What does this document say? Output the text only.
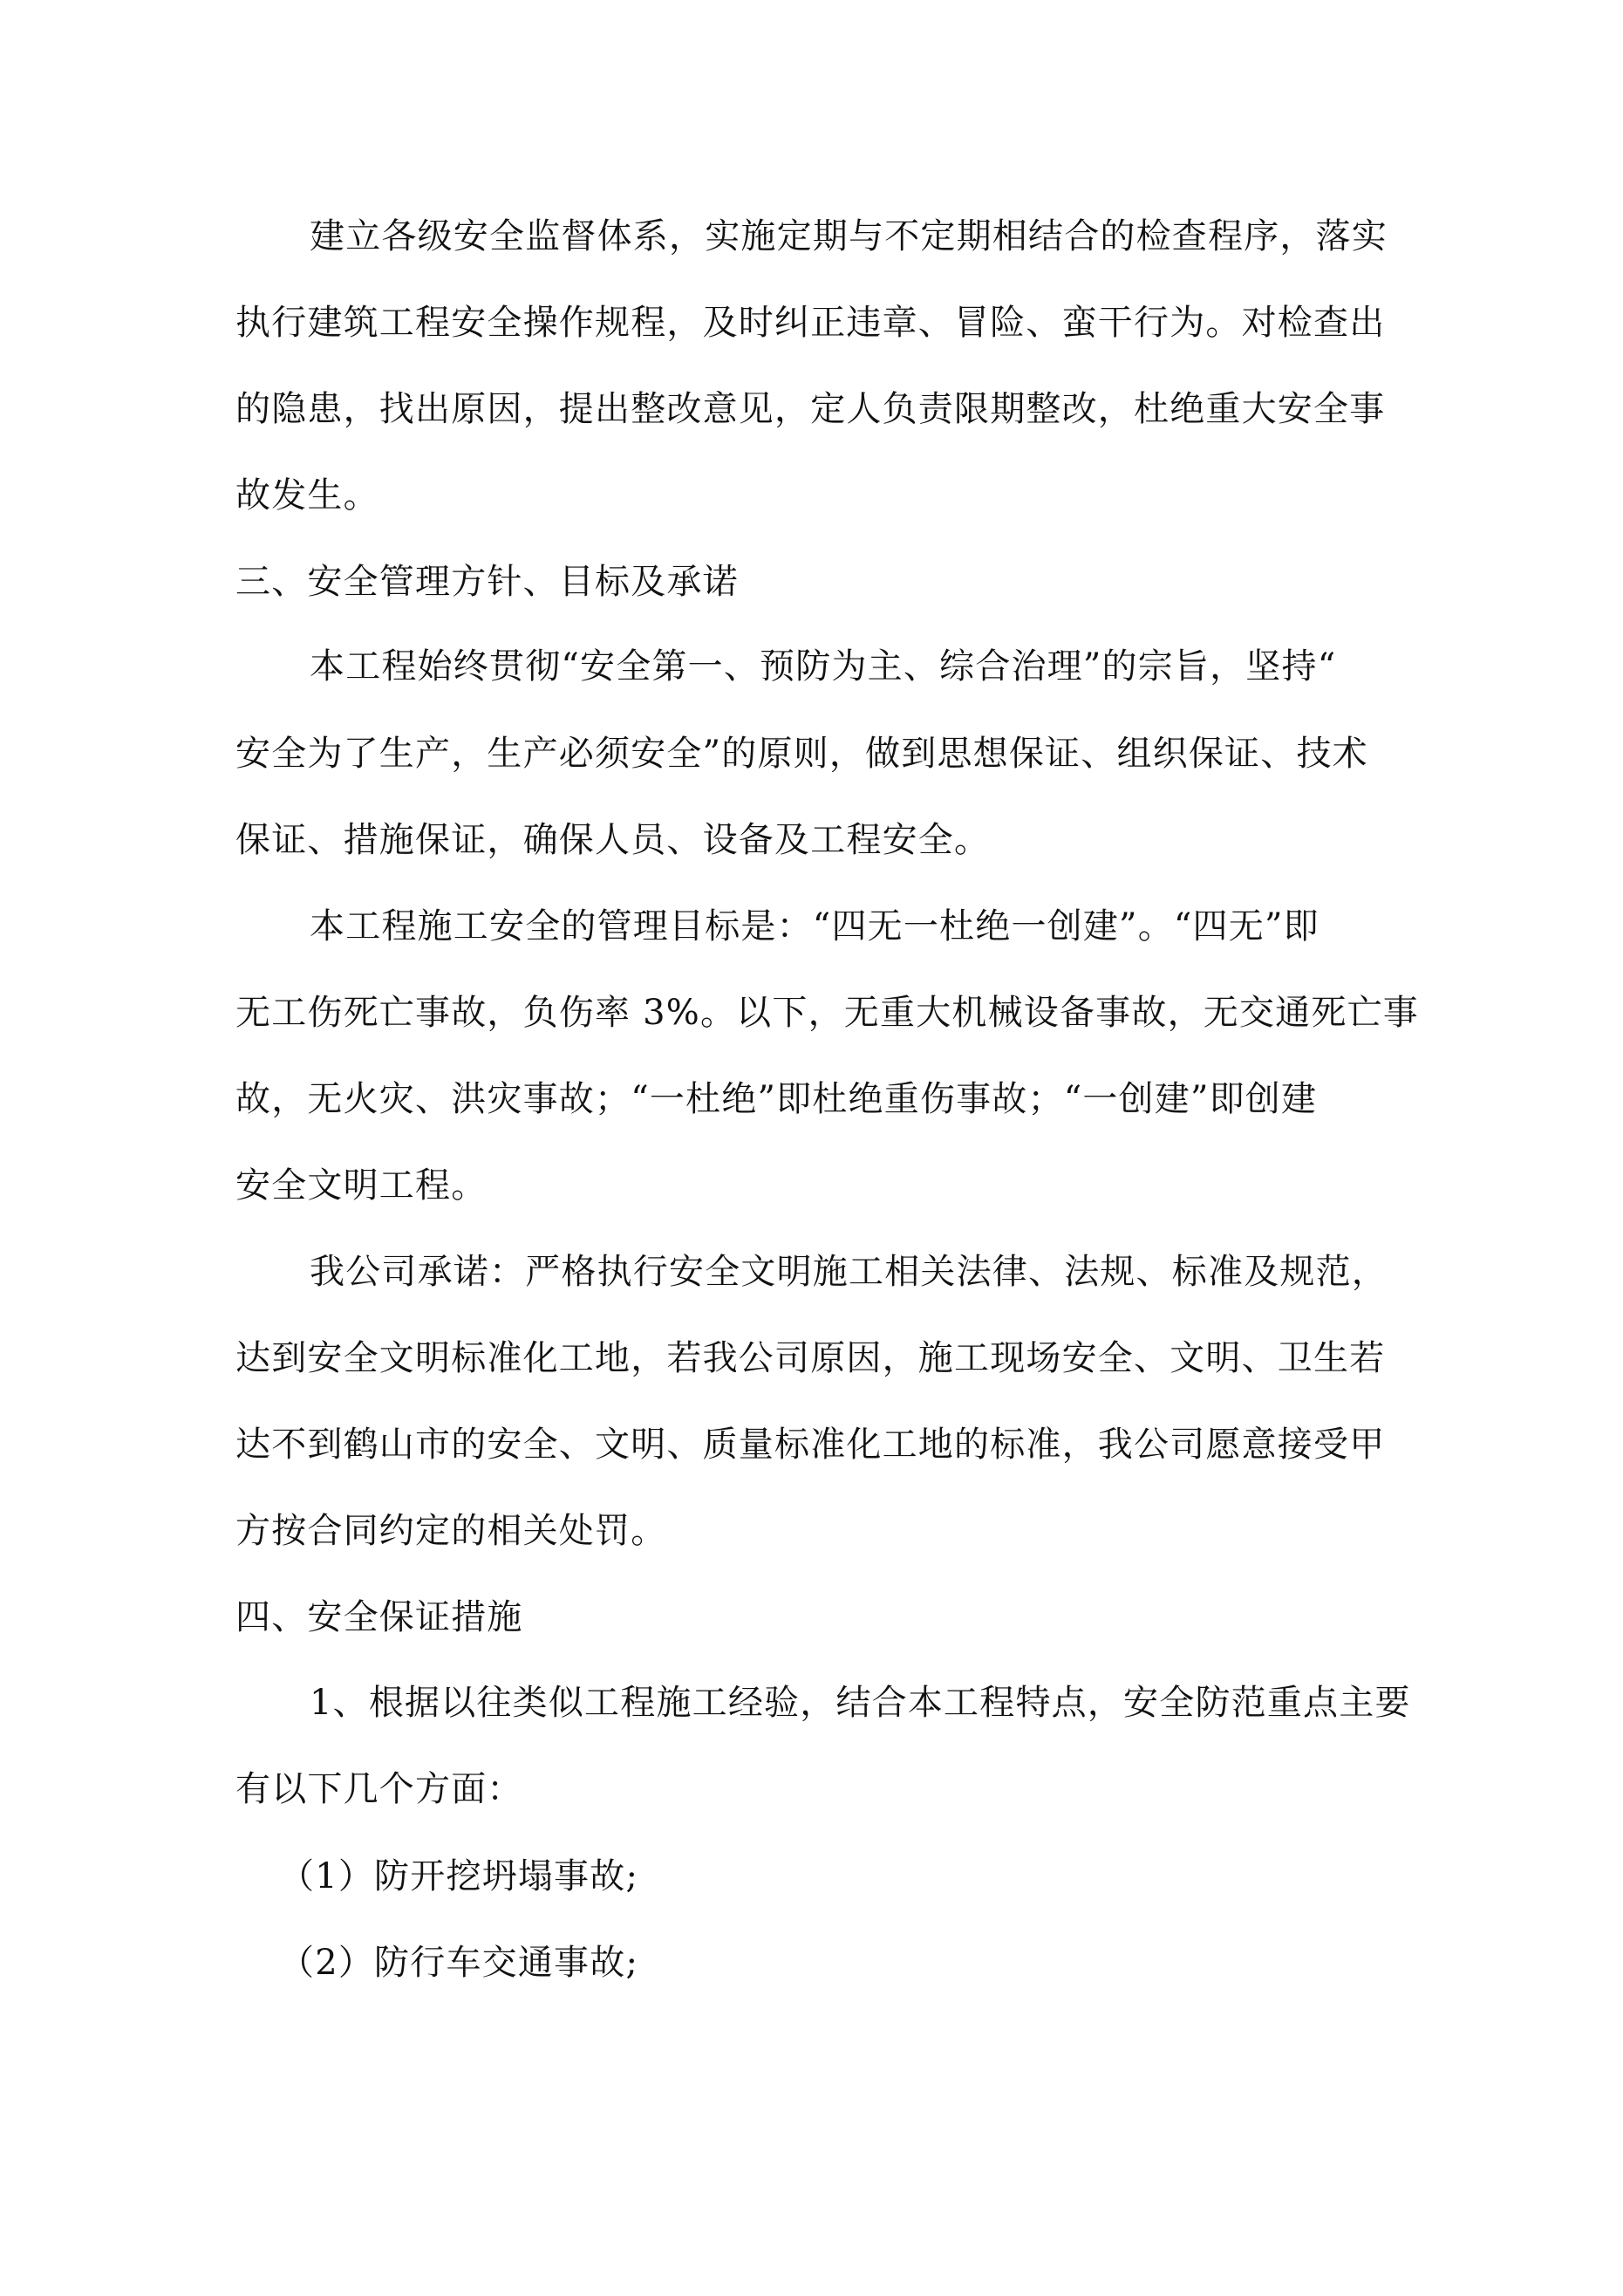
建立各级安全监督体系，实施定期与不定期相结合的检查程序，落实

执行建筑工程安全操作规程，及时纠正违章、冒险、蛮干行为。对检查出

的隐患，找出原因，提出整改意见，定人负责限期整改，杜绝重大安全事

故发生。

三、安全管理方针、目标及承诺

本工程始终贯彻“安全第一、预防为主、综合治理”的宗旨，坚持“

安全为了生产，生产必须安全”的原则，做到思想保证、组织保证、技术

保证、措施保证，确保人员、设备及工程安全。

本工程施工安全的管理目标是：“四无一杜绝一创建”。“四无”即

无工伤死亡事故，负伤率 3%。以下，无重大机械设备事故，无交通死亡事

故，无火灾、洪灾事故；“一杜绝”即杜绝重伤事故；“一创建”即创建

安全文明工程。

我公司承诺：严格执行安全文明施工相关法律、法规、标准及规范，

达到安全文明标准化工地，若我公司原因，施工现场安全、文明、卫生若

达不到鹤山市的安全、文明、质量标准化工地的标准，我公司愿意接受甲

方按合同约定的相关处罚。

四、安全保证措施

1、根据以往类似工程施工经验，结合本工程特点，安全防范重点主要

有以下几个方面：

（1）防开挖坍塌事故;

（2）防行车交通事故;
